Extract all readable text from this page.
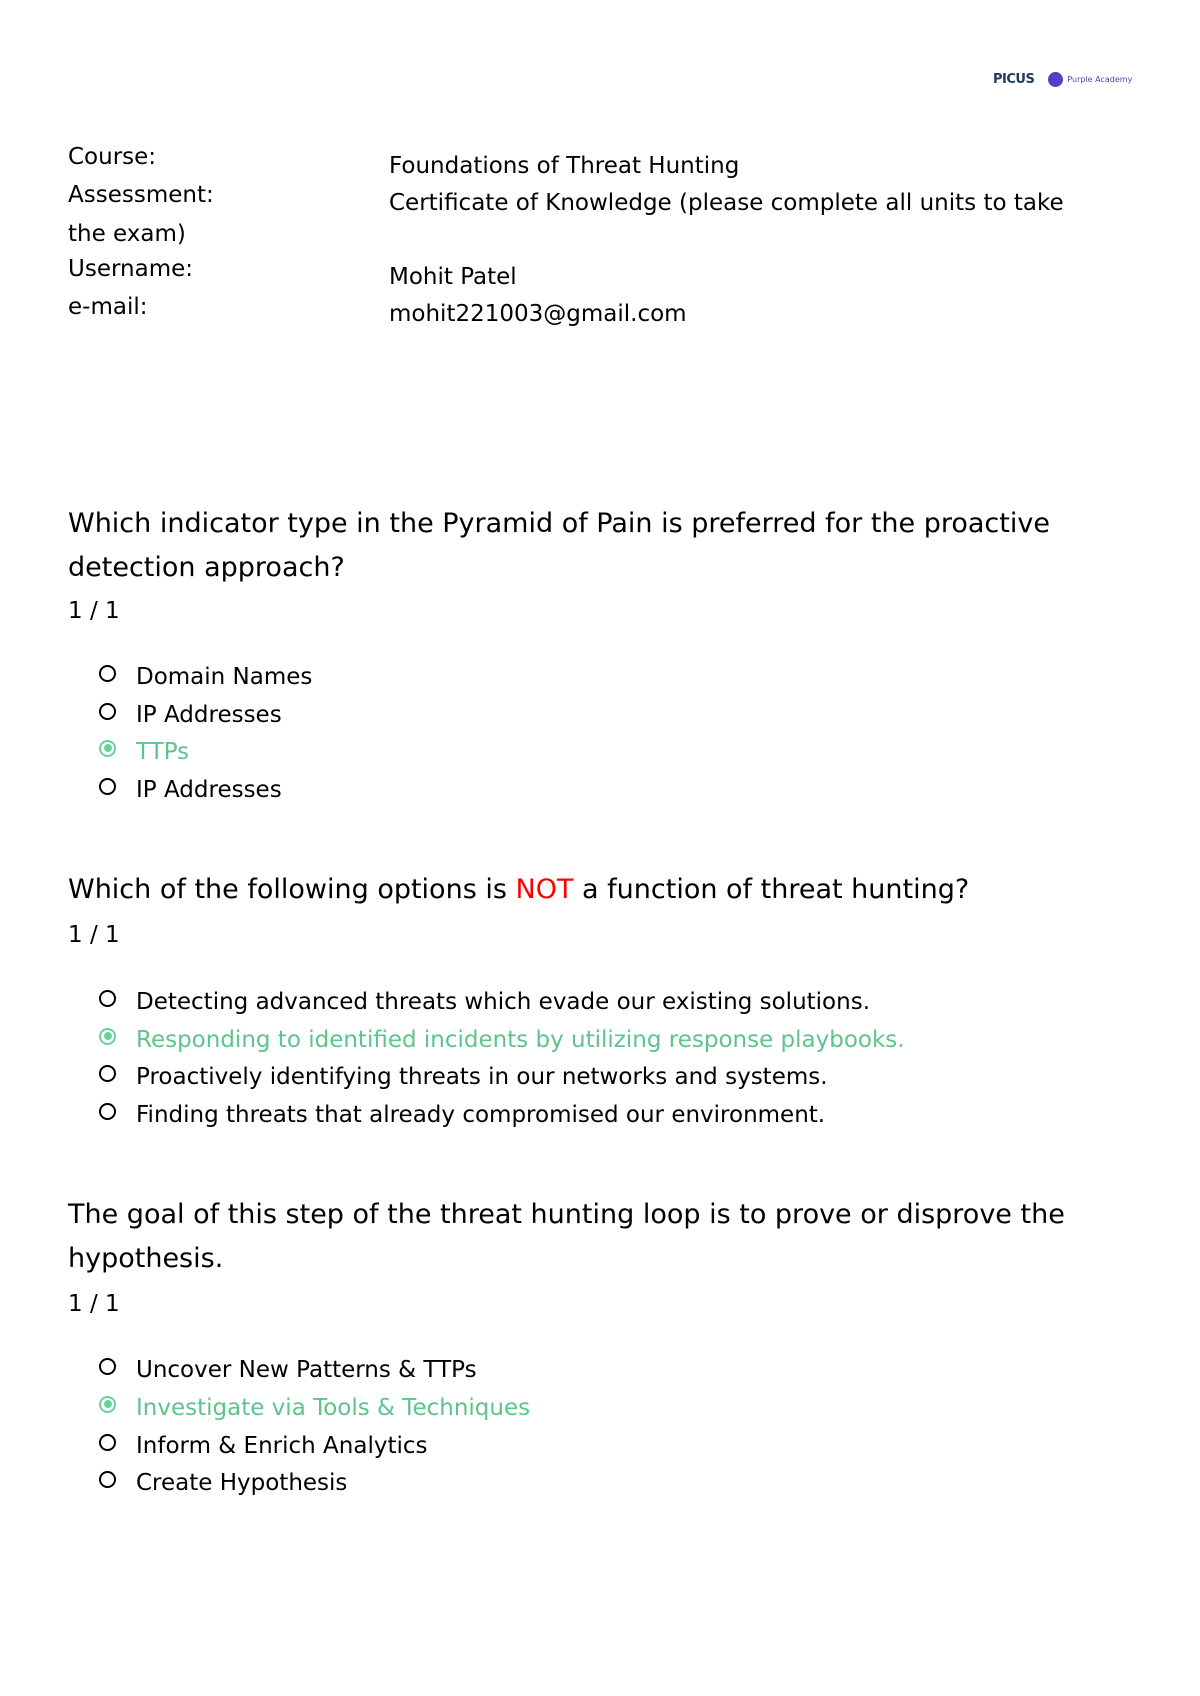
PICUS	Purple Academy
Course:	Foundations of Threat Hunting
Assessment:	Certificate of Knowledge (please complete all units to take
the exam)
Username:	Mohit Patel
e-mail:	mohit221003@gmail.com
Which indicator type in the Pyramid of Pain is preferred for the proactive detection approach?
1 / 1
Domain Names
IP Addresses
TTPs
IP Addresses
Which of the following options is NOT a function of threat hunting?
1 / 1
Detecting advanced threats which evade our existing solutions.
Responding to identified incidents by utilizing response playbooks.
Proactively identifying threats in our networks and systems.
Finding threats that already compromised our environment.
The goal of this step of the threat hunting loop is to prove or disprove the hypothesis.
1 / 1
Uncover New Patterns & TTPs
Investigate via Tools & Techniques
Inform & Enrich Analytics
Create Hypothesis
